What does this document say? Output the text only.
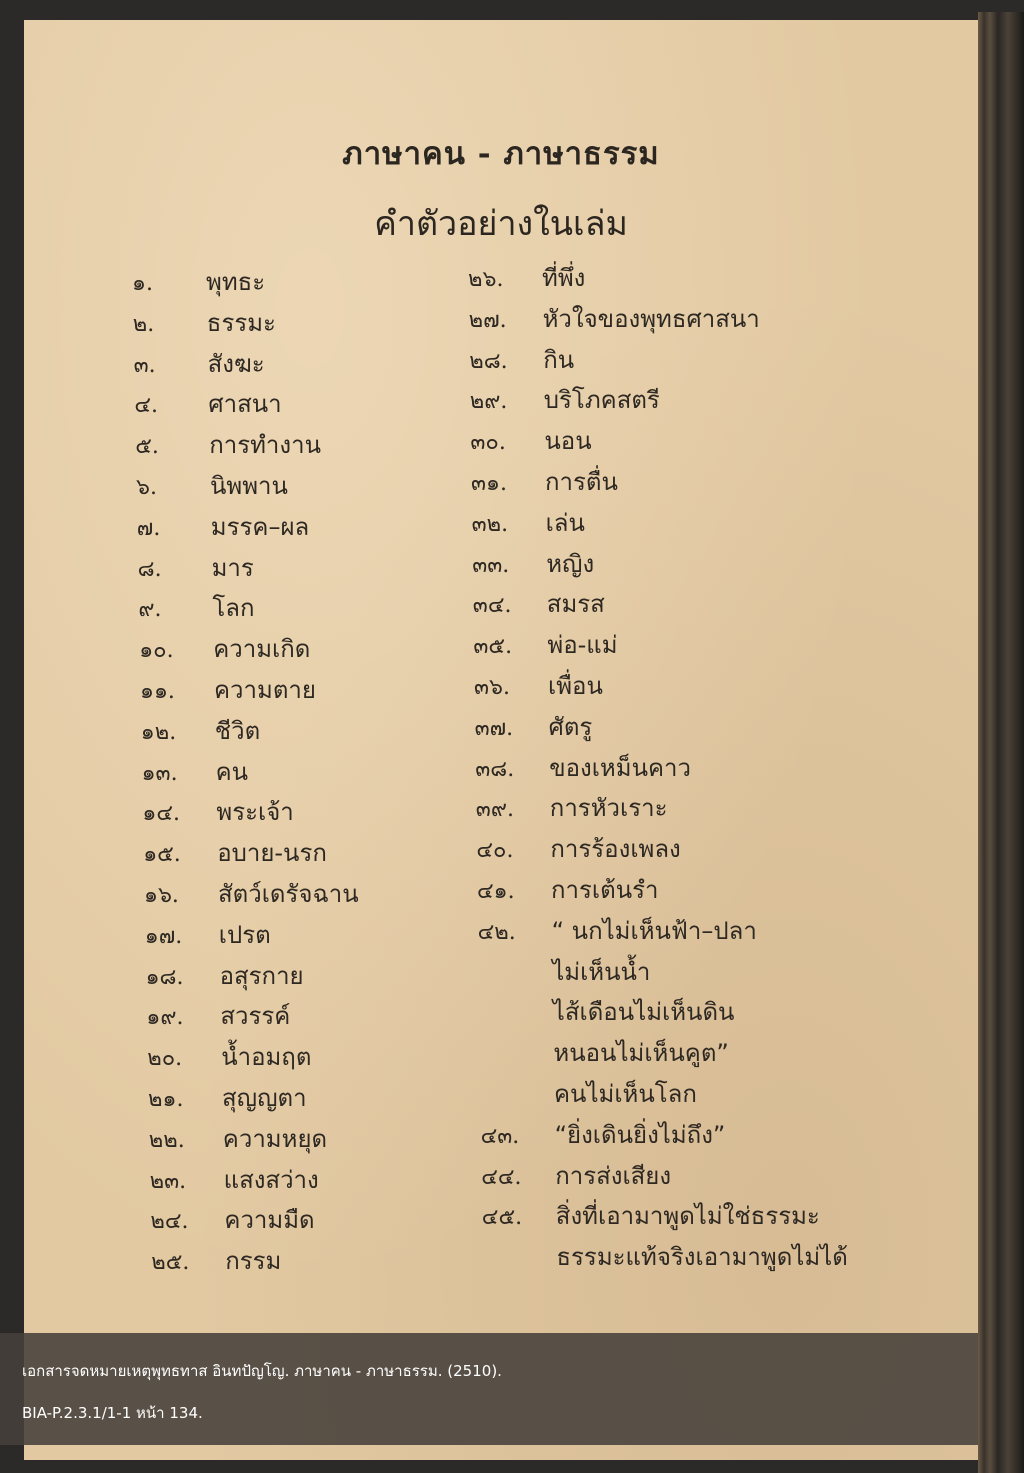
ภาษาคน - ภาษาธรรม
คำตัวอย่างในเล่ม
๑. พุทธะ
๒. ธรรมะ
๓. สังฆะ
๔. ศาสนา
๕. การทำงาน
๖. นิพพาน
๗. มรรค–ผล
๘. มาร
๙. โลก
๑๐. ความเกิด
๑๑. ความตาย
๑๒. ชีวิต
๑๓. คน
๑๔. พระเจ้า
๑๕. อบาย-นรก
๑๖. สัตว์เดรัจฉาน
๑๗. เปรต
๑๘. อสุรกาย
๑๙. สวรรค์
๒๐. น้ำอมฤต
๒๑. สุญญตา
๒๒. ความหยุด
๒๓. แสงสว่าง
๒๔. ความมืด
๒๕. กรรม
๒๖. ที่พึ่ง
๒๗. หัวใจของพุทธศาสนา
๒๘. กิน
๒๙. บริโภคสตรี
๓๐. นอน
๓๑. การตื่น
๓๒. เล่น
๓๓. หญิง
๓๔. สมรส
๓๕. พ่อ-แม่
๓๖. เพื่อน
๓๗. ศัตรู
๓๘. ของเหม็นคาว
๓๙. การหัวเราะ
๔๐. การร้องเพลง
๔๑. การเต้นรำ
๔๒. “ นกไม่เห็นฟ้า–ปลา
ไม่เห็นน้ำ
ไส้เดือนไม่เห็นดิน
หนอนไม่เห็นคูต”
คนไม่เห็นโลก
๔๓. “ยิ่งเดินยิ่งไม่ถึง”
๔๔. การส่งเสียง
๔๕. สิ่งที่เอามาพูดไม่ใช่ธรรมะ
ธรรมะแท้จริงเอามาพูดไม่ได้
เอกสารจดหมายเหตุพุทธทาส อินทปัญโญ. ภาษาคน - ภาษาธรรม. (2510).
BIA-P.2.3.1/1-1 หน้า 134.
